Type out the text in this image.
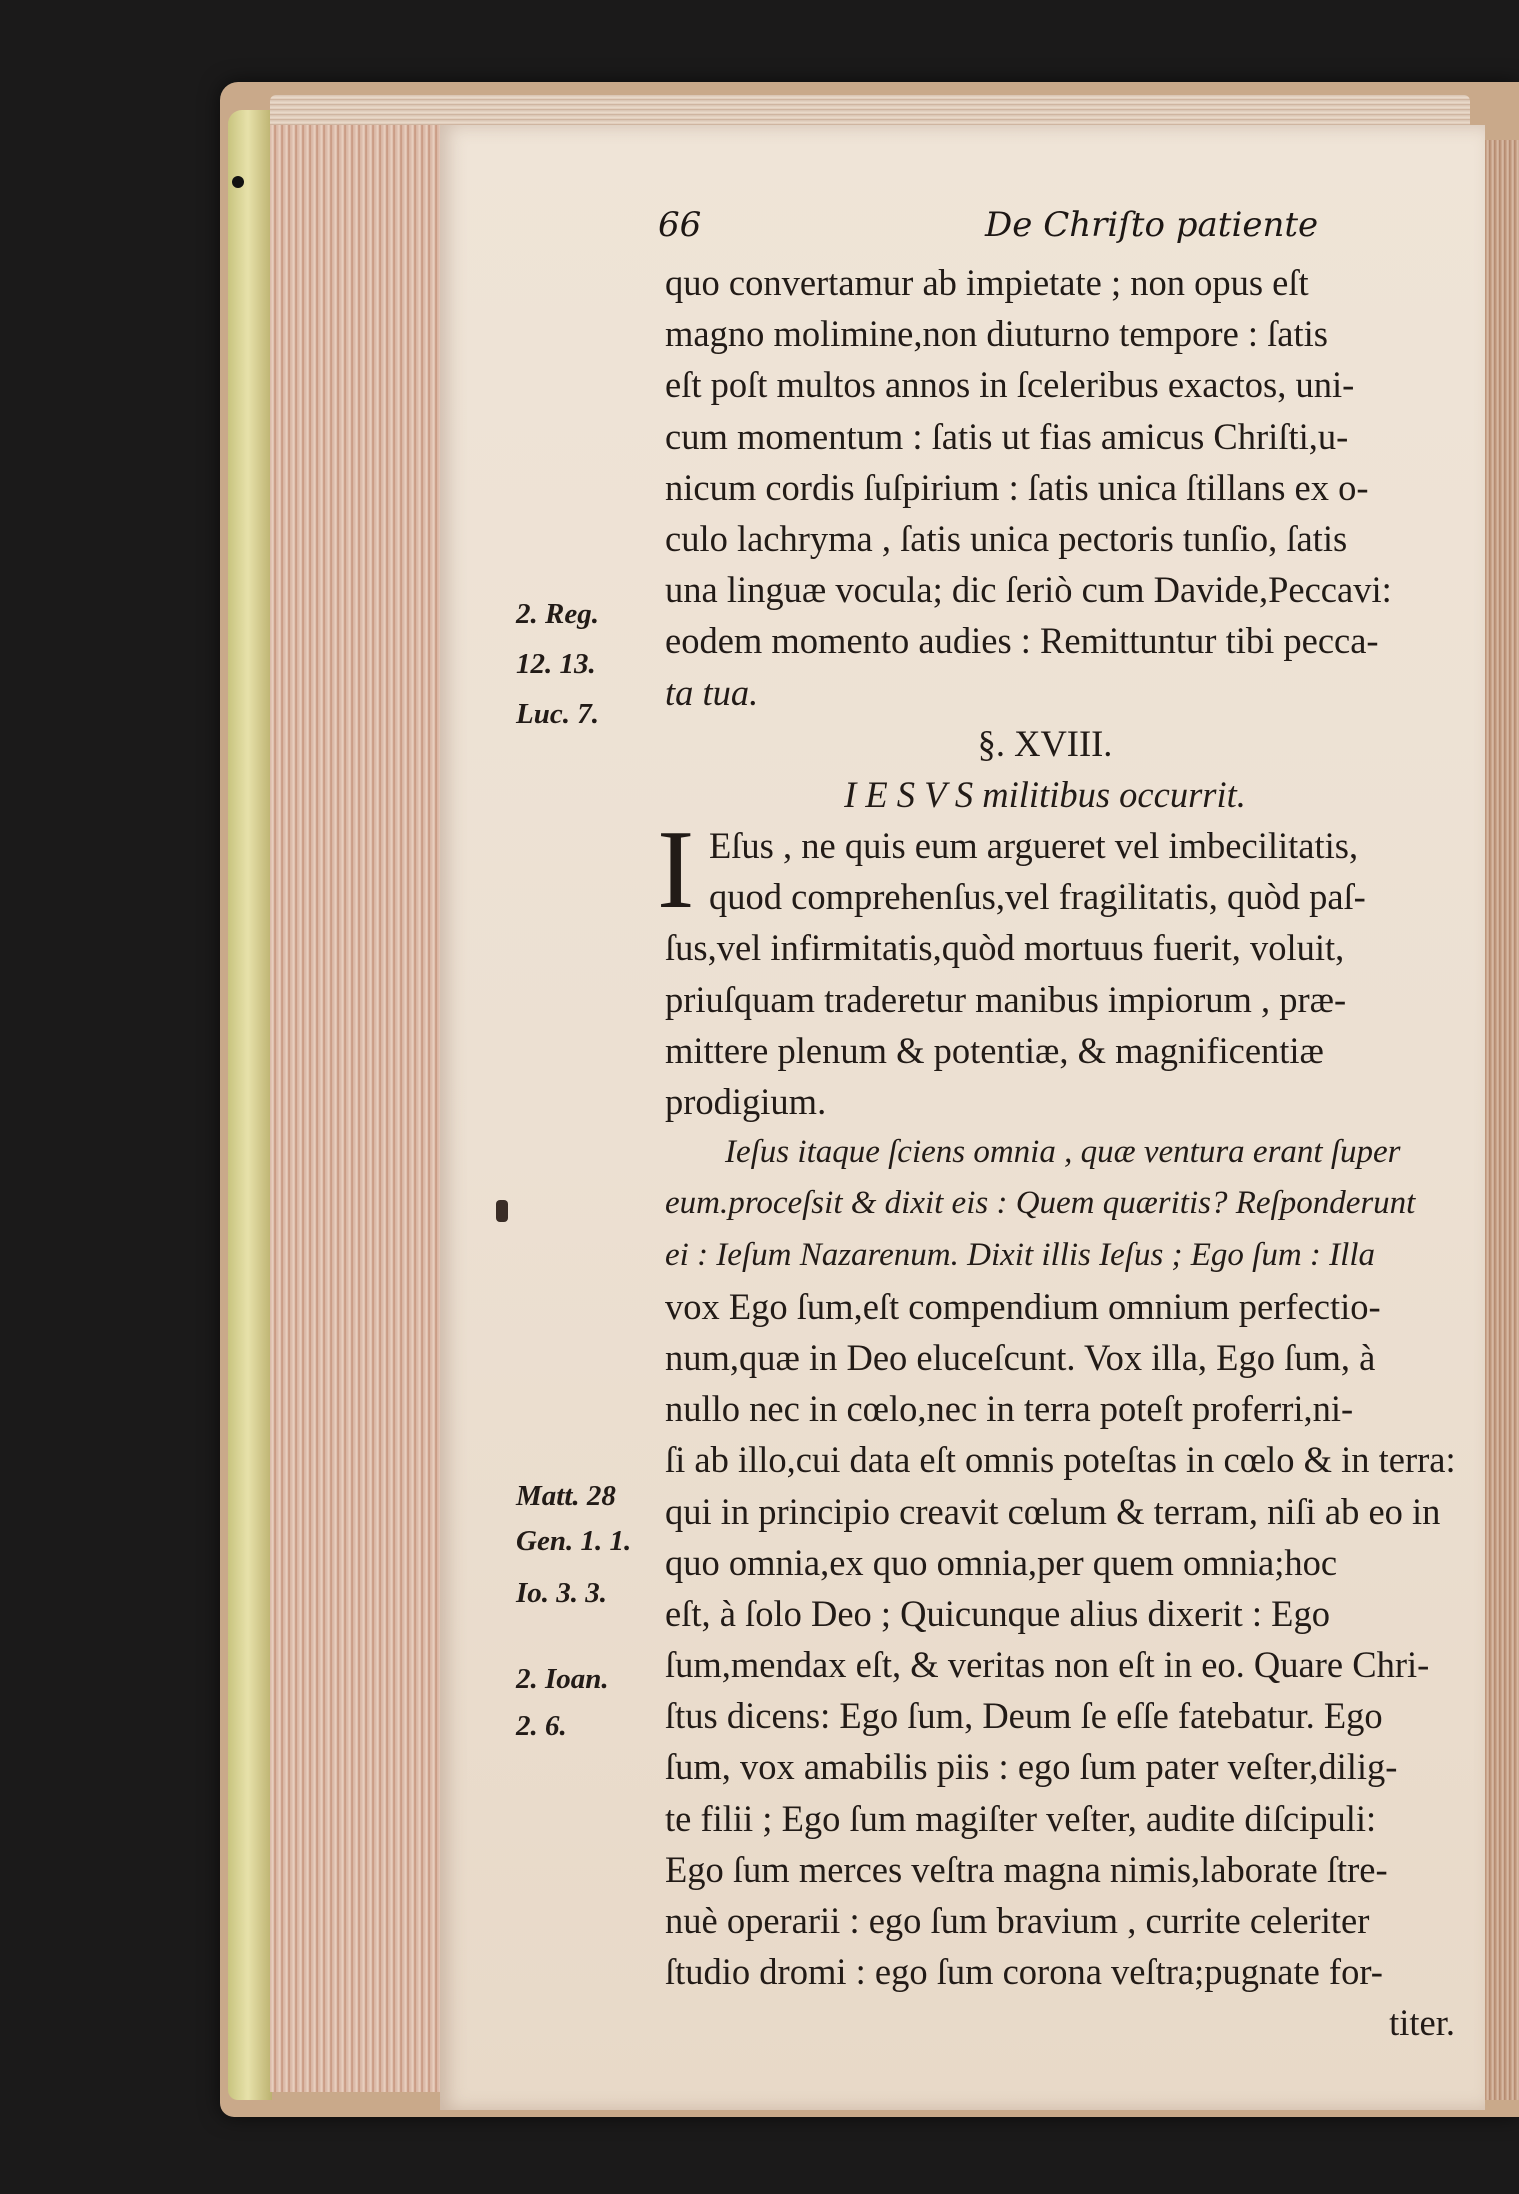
66	De Chriſto patiente
2. Reg.
12. 13.
Luc. 7.
Matt. 28
Gen. 1. 1.
Io. 3. 3.
2. Ioan.
2. 6.
quo convertamur ab impietate ; non opus eſt
magno molimine,non diuturno tempore : ſatis
eſt poſt multos annos in ſceleribus exactos, uni-
cum momentum : ſatis ut fias amicus Chriſti,u-
nicum cordis ſuſpirium : ſatis unica ſtillans ex o-
culo lachryma , ſatis unica pectoris tunſio, ſatis
una linguæ vocula; dic ſeriò cum Davide,Peccavi:
eodem momento audies : Remittuntur tibi pecca-
ta tua.
§. XVIII.
I E S V S militibus occurrit.
I Eſus , ne quis eum argueret vel imbecilitatis,
quod comprehenſus,vel fragilitatis, quòd paſ-
ſus,vel infirmitatis,quòd mortuus fuerit, voluit,
priuſquam traderetur manibus impiorum , præ-
mittere plenum & potentiæ, & magnificentiæ
prodigium.
Ieſus itaque ſciens omnia , quæ ventura erant ſuper
eum.proceſsit & dixit eis : Quem quæritis? Reſponderunt
ei : Ieſum Nazarenum. Dixit illis Ieſus ; Ego ſum : Illa
vox Ego ſum,eſt compendium omnium perfectio-
num,quæ in Deo eluceſcunt. Vox illa, Ego ſum, à
nullo nec in cœlo,nec in terra poteſt proferri,ni-
ſi ab illo,cui data eſt omnis poteſtas in cœlo & in terra:
qui in principio creavit cœlum & terram, niſi ab eo in
quo omnia,ex quo omnia,per quem omnia;hoc
eſt, à ſolo Deo ; Quicunque alius dixerit : Ego
ſum,mendax eſt, & veritas non eſt in eo. Quare Chri-
ſtus dicens: Ego ſum, Deum ſe eſſe fatebatur. Ego
ſum, vox amabilis piis : ego ſum pater veſter,dilig-
te filii ; Ego ſum magiſter veſter, audite diſcipuli:
Ego ſum merces veſtra magna nimis,laborate ſtre-
nuè operarii : ego ſum bravium , currite celeriter
ſtudio dromi : ego ſum corona veſtra;pugnate for-
titer.
